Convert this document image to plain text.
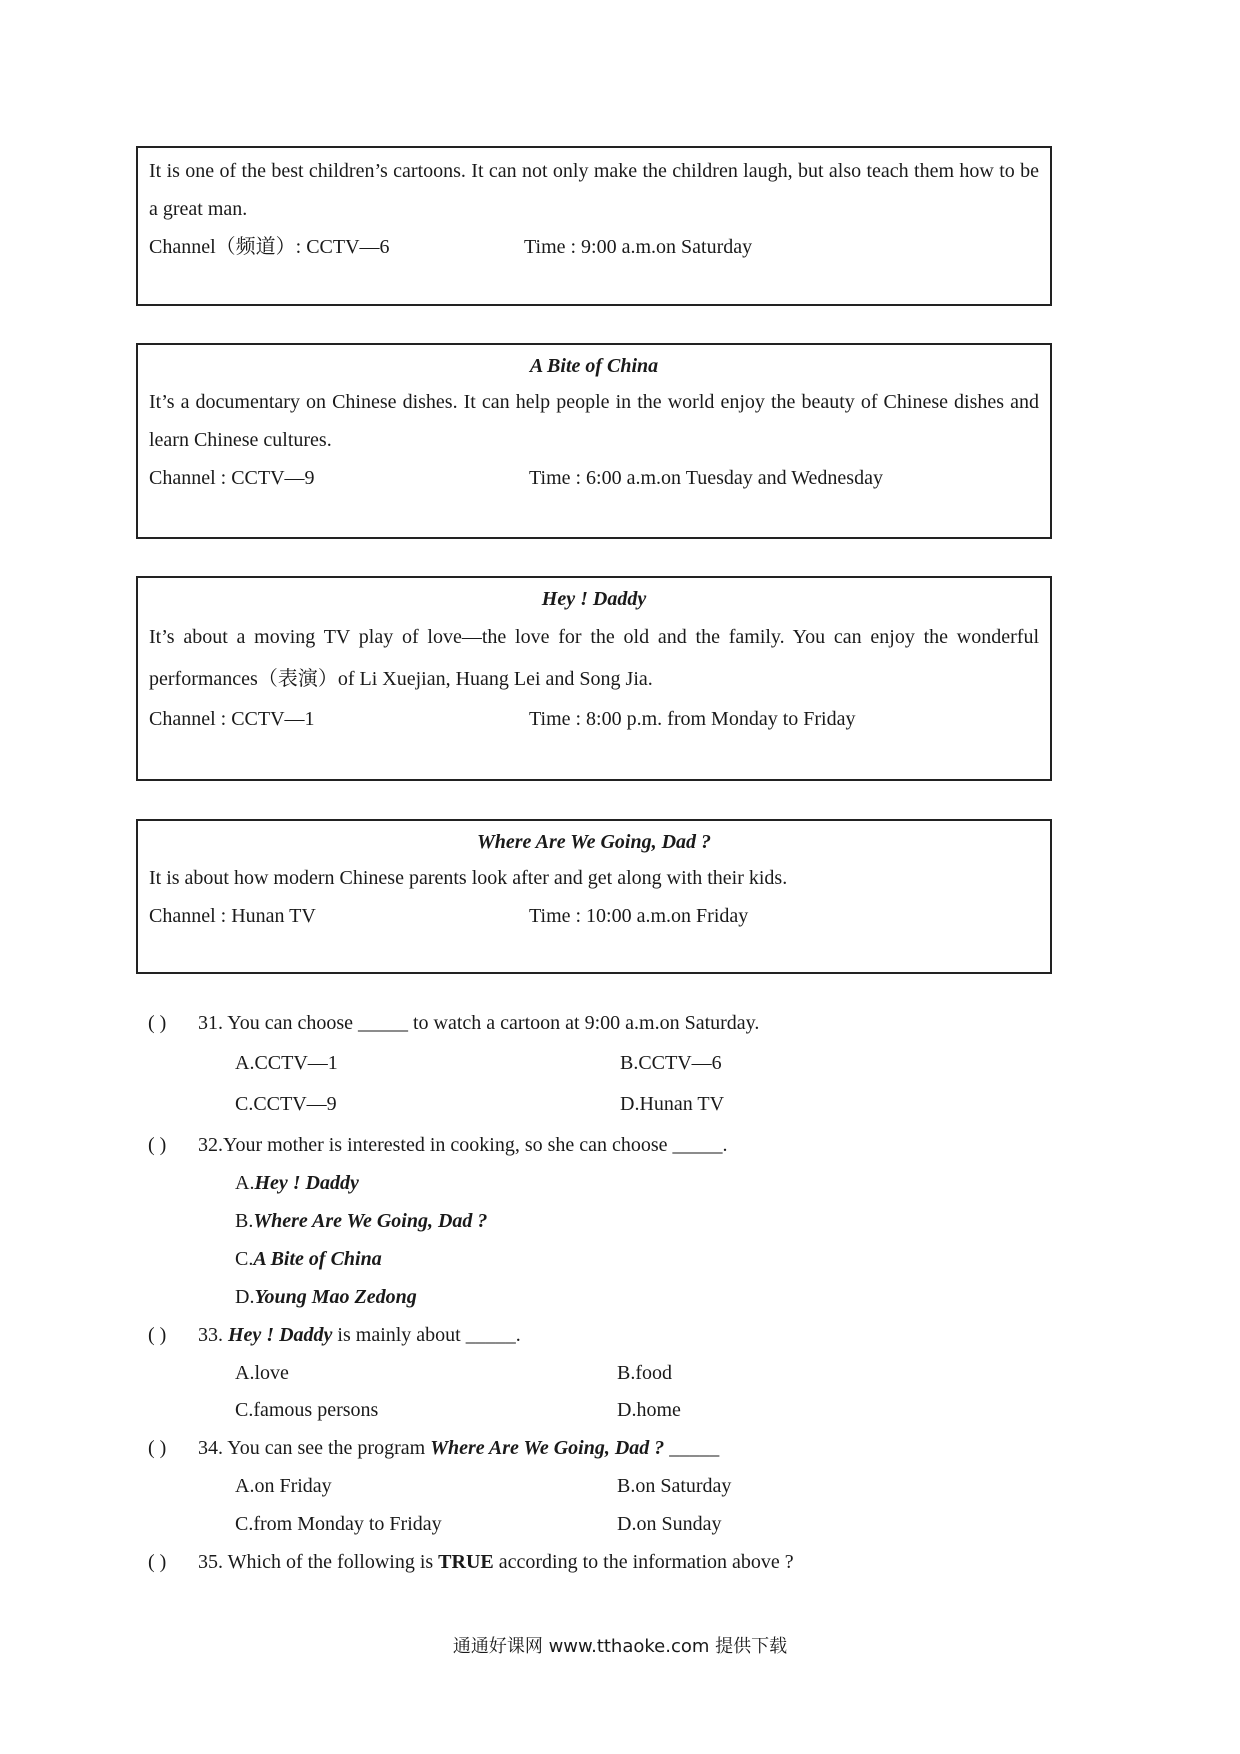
It is one of the best children’s cartoons. It can not only make the children laugh, but also teach them how to be a great man.
Channel（频道）: CCTV—6	Time : 9:00 a.m.on Saturday
A Bite of China
It’s a documentary on Chinese dishes. It can help people in the world enjoy the beauty of Chinese dishes and learn Chinese cultures.
Channel : CCTV—9	Time : 6:00 a.m.on Tuesday and Wednesday
Hey ! Daddy
It’s about a moving TV play of love—the love for the old and the family. You can enjoy the wonderful performances（表演）of Li Xuejian, Huang Lei and Song Jia.
Channel : CCTV—1	Time : 8:00 p.m. from Monday to Friday
Where Are We Going, Dad ?
It is about how modern Chinese parents look after and get along with their kids.
Channel : Hunan TV	Time : 10:00 a.m.on Friday
( ) 31. You can choose _____ to watch a cartoon at 9:00 a.m.on Saturday.
A.CCTV—1	B.CCTV—6
C.CCTV—9	D.Hunan TV
( ) 32.Your mother is interested in cooking, so she can choose _____.
A.Hey ! Daddy
B.Where Are We Going, Dad ?
C.A Bite of China
D.Young Mao Zedong
( ) 33. Hey ! Daddy is mainly about _____.
A.love	B.food
C.famous persons	D.home
( ) 34. You can see the program Where Are We Going, Dad ? _____
A.on Friday	B.on Saturday
C.from Monday to Friday	D.on Sunday
( ) 35. Which of the following is TRUE according to the information above ?
通通好课网 www.tthaoke.com 提供下载
